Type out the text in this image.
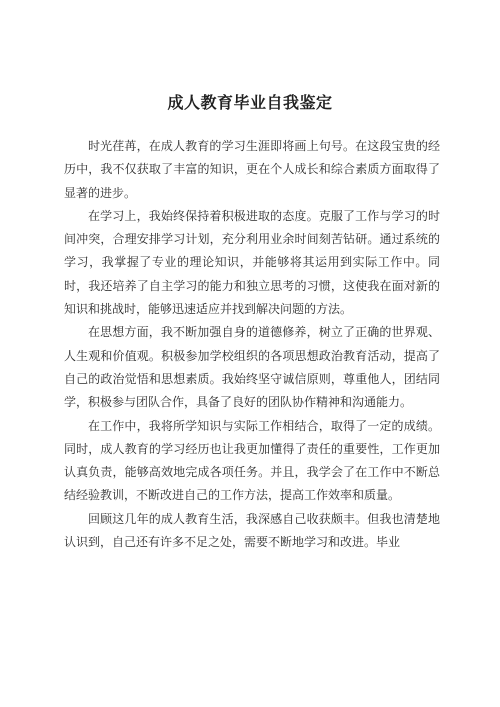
成人教育毕业自我鉴定

时光荏苒，在成人教育的学习生涯即将画上句号。在这段宝贵的经历中，我不仅获取了丰富的知识，更在个人成长和综合素质方面取得了显著的进步。

在学习上，我始终保持着积极进取的态度。克服了工作与学习的时间冲突，合理安排学习计划，充分利用业余时间刻苦钻研。通过系统的学习，我掌握了专业的理论知识，并能够将其运用到实际工作中。同时，我还培养了自主学习的能力和独立思考的习惯，这使我在面对新的知识和挑战时，能够迅速适应并找到解决问题的方法。

在思想方面，我不断加强自身的道德修养，树立了正确的世界观、人生观和价值观。积极参加学校组织的各项思想政治教育活动，提高了自己的政治觉悟和思想素质。我始终坚守诚信原则，尊重他人，团结同学，积极参与团队合作，具备了良好的团队协作精神和沟通能力。

在工作中，我将所学知识与实际工作相结合，取得了一定的成绩。同时，成人教育的学习经历也让我更加懂得了责任的重要性，工作更加认真负责，能够高效地完成各项任务。并且，我学会了在工作中不断总结经验教训，不断改进自己的工作方法，提高工作效率和质量。

回顾这几年的成人教育生活，我深感自己收获颇丰。但我也清楚地认识到，自己还有许多不足之处，需要不断地学习和改进。毕业
